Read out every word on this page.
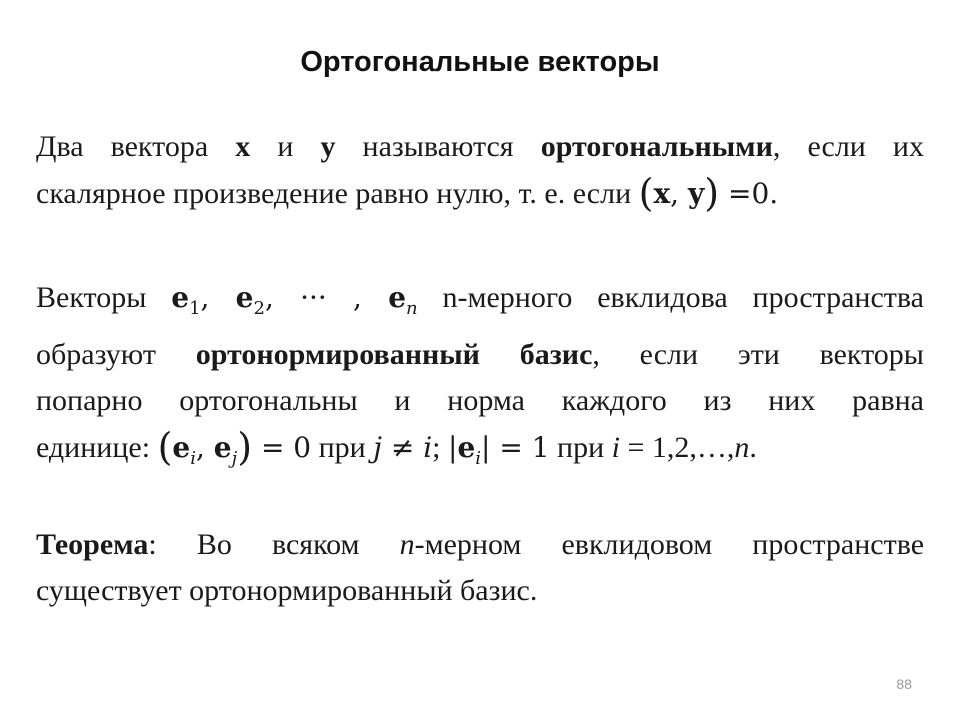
Ортогональные векторы
Два вектора x и y называются ортогональными, если их
скалярное произведение равно нулю, т. е. если (x, y) =0.
Векторы $e_1$, $e_2$, ··· , $e_n$ n-мерного евклидова пространства
образуют ортонормированный базис, если эти векторы
попарно ортогональны и норма каждого из них равна
единице: ($e_i$, $e_j) = 0$ при j ≠ i; $|e_i| = 1$ при i = 1,2,…,n.
Теорема: Во всяком n-мерном евклидовом пространстве
существует ортонормированный базис.
88
